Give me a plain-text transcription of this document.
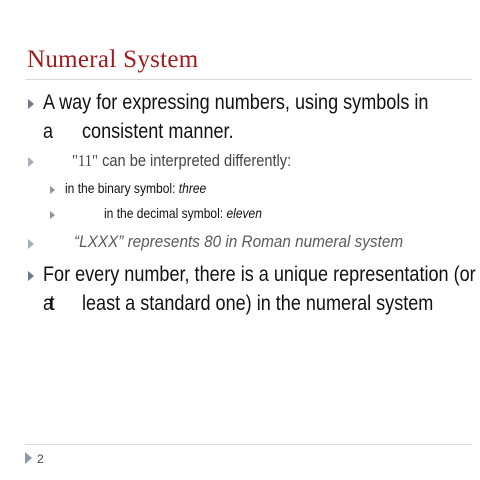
Numeral System
A way for expressing numbers, using symbols in
a consistent manner.
"11" can be interpreted differently:
in the binary symbol: three
in the decimal symbol: eleven
“LXXX” represents 80 in Roman numeral system
For every number, there is a unique representation (or
at least a standard one) in the numeral system
2
